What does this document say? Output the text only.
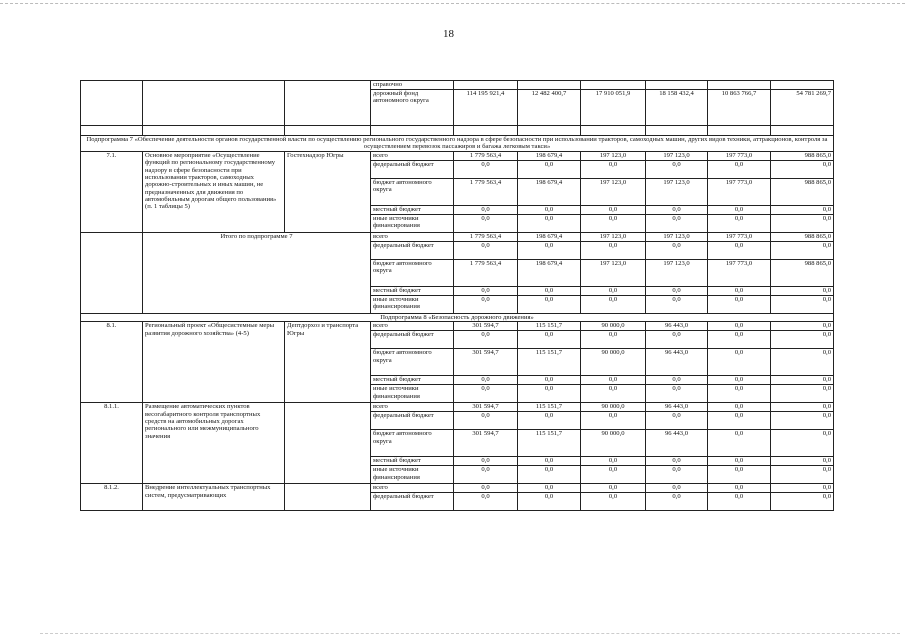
18
			справочно						
			дорожный фонд автономного округа	114 195 921,4	12 482 400,7	17 910 051,9	18 158 432,4	10 863 766,7	54 781 269,7

Подпрограмма 7 «Обеспечение деятельности органов государственной власти по осуществлению регионального государственного надзора в сфере безопасности при использовании тракторов, самоходных машин, других видов техники, аттракционов, контроля за осуществлением перевозок пассажиров и багажа легковым такси»									
7.1.	Основное мероприятие «Осуществление функций по региональному государственному надзору в сфере безопасности при использовании тракторов, самоходных дорожно-строительных и иных машин, не предназначенных для движения по автомобильным дорогам общего пользования» (п. 1 таблицы 5)	Гостехнадзор Югры	всего	1 779 563,4	198 679,4	197 123,0	197 123,0	197 773,0	988 865,0
			федеральный бюджет	0,0	0,0	0,0	0,0	0,0	0,0
			бюджет автономного округа	1 779 563,4	198 679,4	197 123,0	197 123,0	197 773,0	988 865,0
			местный бюджет	0,0	0,0	0,0	0,0	0,0	0,0
			иные источники финансирования	0,0	0,0	0,0	0,0	0,0	0,0
	Итого по подпрограмме 7		всего	1 779 563,4	198 679,4	197 123,0	197 123,0	197 773,0	988 865,0
			федеральный бюджет	0,0	0,0	0,0	0,0	0,0	0,0
			бюджет автономного округа	1 779 563,4	198 679,4	197 123,0	197 123,0	197 773,0	988 865,0
			местный бюджет	0,0	0,0	0,0	0,0	0,0	0,0
			иные источники финансирования	0,0	0,0	0,0	0,0	0,0	0,0
Подпрограмма 8 «Безопасность дорожного движения»									
8.1.	Региональный проект «Общесистемные меры развития дорожного хозяйства» (4-5)	Дептдорхоз и транспорта Югры	всего	301 594,7	115 151,7	90 000,0	96 443,0	0,0	0,0
			федеральный бюджет	0,0	0,0	0,0	0,0	0,0	0,0
			бюджет автономного округа	301 594,7	115 151,7	90 000,0	96 443,0	0,0	0,0
			местный бюджет	0,0	0,0	0,0	0,0	0,0	0,0
			иные источники финансирования	0,0	0,0	0,0	0,0	0,0	0,0
8.1.1.	Размещение автоматических пунктов весогабаритного контроля транспортных средств на автомобильных дорогах регионального или межмуниципального значения		всего	301 594,7	115 151,7	90 000,0	96 443,0	0,0	0,0
			федеральный бюджет	0,0	0,0	0,0	0,0	0,0	0,0
			бюджет автономного округа	301 594,7	115 151,7	90 000,0	96 443,0	0,0	0,0
			местный бюджет	0,0	0,0	0,0	0,0	0,0	0,0
			иные источники финансирования	0,0	0,0	0,0	0,0	0,0	0,0
8.1.2.	Внедрение интеллектуальных транспортных систем, предусматривающих		всего	0,0	0,0	0,0	0,0	0,0	0,0
			федеральный бюджет	0,0	0,0	0,0	0,0	0,0	0,0
